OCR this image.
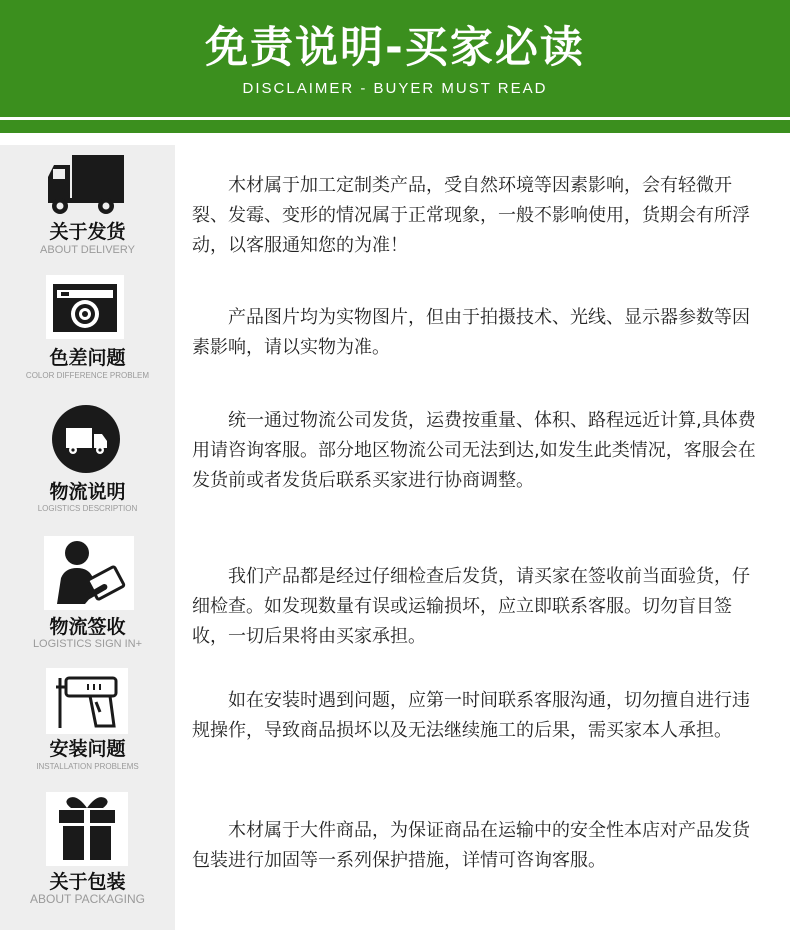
免责说明-买家必读
DISCLAIMER - BUYER MUST READ
关于发货
ABOUT DELIVERY
木材属于加工定制类产品，受自然环境等因素影响，会有轻微开裂、发霉、变形的情况属于正常现象，一般不影响使用，货期会有所浮动，以客服通知您的为准！
色差问题
COLOR DIFFERENCE PROBLEM
产品图片均为实物图片，但由于拍摄技术、光线、显示器参数等因素影响，请以实物为准。
物流说明
LOGISTICS DESCRIPTION
统一通过物流公司发货，运费按重量、体积、路程远近计算,具体费用请咨询客服。部分地区物流公司无法到达,如发生此类情况，客服会在发货前或者发货后联系买家进行协商调整。
物流签收
LOGISTICS SIGN IN+
我们产品都是经过仔细检查后发货，请买家在签收前当面验货，仔细检查。如发现数量有误或运输损坏，应立即联系客服。切勿盲目签收，一切后果将由买家承担。
安装问题
INSTALLATION PROBLEMS
如在安装时遇到问题，应第一时间联系客服沟通，切勿擅自进行违规操作，导致商品损坏以及无法继续施工的后果，需买家本人承担。
关于包装
ABOUT PACKAGING
木材属于大件商品，为保证商品在运输中的安全性本店对产品发货包装进行加固等一系列保护措施，详情可咨询客服。
